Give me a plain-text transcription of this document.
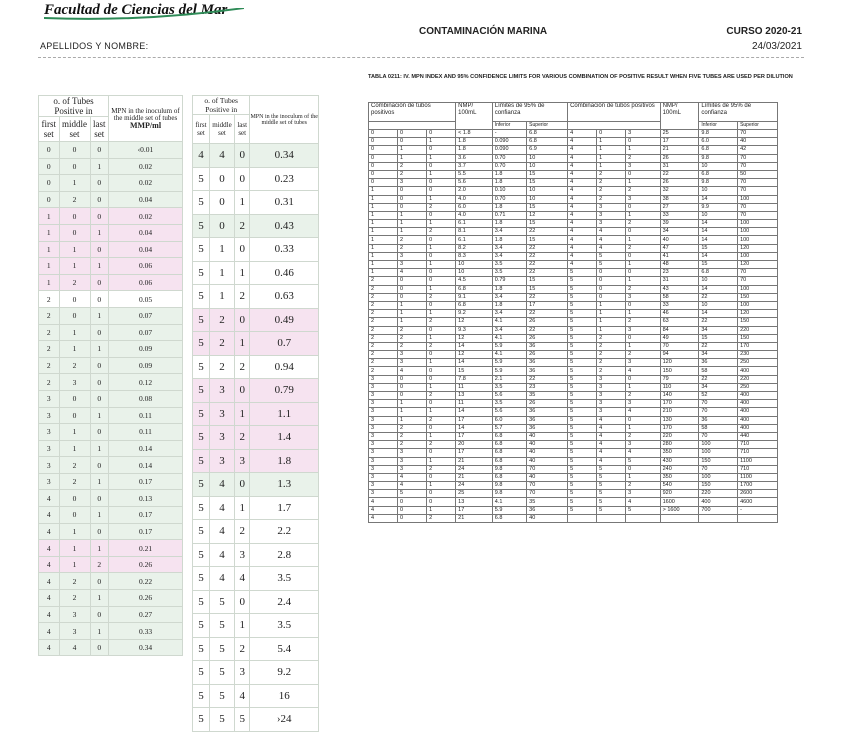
Facultad de Ciencias del Mar
CONTAMINACIÓN MARINA	CURSO 2020-21
24/03/2021
APELLIDOS Y NOMBRE:
o. of Tubes Positive in			MPN in the inoculum of the middle set of tubes
MMP/ml
first set	middle set	last set	
0	0	0	‹0.01
0	0	1	0.02
0	1	0	0.02
0	2	0	0.04
1	0	0	0.02
1	0	1	0.04
1	1	0	0.04
1	1	1	0.06
1	2	0	0.06
2	0	0	0.05
2	0	1	0.07
2	1	0	0.07
2	1	1	0.09
2	2	0	0.09
2	3	0	0.12
3	0	0	0.08
3	0	1	0.11
3	1	0	0.11
3	1	1	0.14
3	2	0	0.14
3	2	1	0.17
4	0	0	0.13
4	0	1	0.17
4	1	0	0.17
4	1	1	0.21
4	1	2	0.26
4	2	0	0.22
4	2	1	0.26
4	3	0	0.27
4	3	1	0.33
4	4	0	0.34
o. of Tubes Positive in			MPN in the inoculum of the middle set of tubes
first set	middle set	last set	
4	4	0	0.34
5	0	0	0.23
5	0	1	0.31
5	0	2	0.43
5	1	0	0.33
5	1	1	0.46
5	1	2	0.63
5	2	0	0.49
5	2	1	0.7
5	2	2	0.94
5	3	0	0.79
5	3	1	1.1
5	3	2	1.4
5	3	3	1.8
5	4	0	1.3
5	4	1	1.7
5	4	2	2.2
5	4	3	2.8
5	4	4	3.5
5	5	0	2.4
5	5	1	3.5
5	5	2	5.4
5	5	3	9.2
5	5	4	16
5	5	5	›24
TABLA 0211: IV. MPN INDEX AND 95% CONFIDENCE LIMITS FOR VARIOUS COMBINATION OF POSITIVE RESULT WHEN FIVE TUBES ARE USED PER DILUTION
Combinación de tubos positivos			NMP/ 100mL	Límites de 95% de confianza		Combinación de tubos positivos			NMP/ 100mL	Límites de 95% de confianza	
				Inferior	Superior					Inferior	Superior
0	0	0	< 1.8	-	6.8	4	0	3	25	9.8	70
0	0	1	1.8	0.090	6.8	4	1	0	17	6.0	40
0	1	0	1.8	0.090	6.9	4	1	1	21	6.8	42
0	1	1	3.6	0.70	10	4	1	2	26	9.8	70
0	2	0	3.7	0.70	10	4	1	3	31	10	70
0	2	1	5.5	1.8	15	4	2	0	22	6.8	50
0	3	0	5.6	1.8	15	4	2	1	26	9.8	70
1	0	0	2.0	0.10	10	4	2	2	32	10	70
1	0	1	4.0	0.70	10	4	2	3	38	14	100
1	0	2	6.0	1.8	15	4	3	0	27	9.9	70
1	1	0	4.0	0.71	12	4	3	1	33	10	70
1	1	1	6.1	1.8	15	4	3	2	39	14	100
1	1	2	8.1	3.4	22	4	4	0	34	14	100
1	2	0	6.1	1.8	15	4	4	1	40	14	100
1	2	1	8.2	3.4	22	4	4	2	47	15	120
1	3	0	8.3	3.4	22	4	5	0	41	14	100
1	3	1	10	3.5	22	4	5	1	48	15	120
1	4	0	10	3.5	22	5	0	0	23	6.8	70
2	0	0	4.5	0.79	15	5	0	1	31	10	70
2	0	1	6.8	1.8	15	5	0	2	43	14	100
2	0	2	9.1	3.4	22	5	0	3	58	22	150
2	1	0	6.8	1.8	17	5	1	0	33	10	100
2	1	1	9.2	3.4	22	5	1	1	46	14	120
2	1	2	12	4.1	26	5	1	2	63	22	150
2	2	0	9.3	3.4	22	5	1	3	84	34	220
2	2	1	12	4.1	26	5	2	0	49	15	150
2	2	2	14	5.9	36	5	2	1	70	22	170
2	3	0	12	4.1	26	5	2	2	94	34	230
2	3	1	14	5.9	36	5	2	3	120	36	250
2	4	0	15	5.9	36	5	2	4	150	58	400
3	0	0	7.8	2.1	22	5	3	0	79	22	220
3	0	1	11	3.5	23	5	3	1	110	34	250
3	0	2	13	5.6	35	5	3	2	140	52	400
3	1	0	11	3.5	26	5	3	3	170	70	400
3	1	1	14	5.6	36	5	3	4	210	70	400
3	1	2	17	6.0	36	5	4	0	130	36	400
3	2	0	14	5.7	36	5	4	1	170	58	400
3	2	1	17	6.8	40	5	4	2	220	70	440
3	2	2	20	6.8	40	5	4	3	280	100	710
3	3	0	17	6.8	40	5	4	4	350	100	710
3	3	1	21	6.8	40	5	4	5	430	150	1100
3	3	2	24	9.8	70	5	5	0	240	70	710
3	4	0	21	6.8	40	5	5	1	350	100	1100
3	4	1	24	9.8	70	5	5	2	540	150	1700
3	5	0	25	9.8	70	5	5	3	920	220	2600
4	0	0	13	4.1	35	5	5	4	1600	400	4600
4	0	1	17	5.9	36	5	5	5	> 1600	700	-
4	0	2	21	6.8	40						
